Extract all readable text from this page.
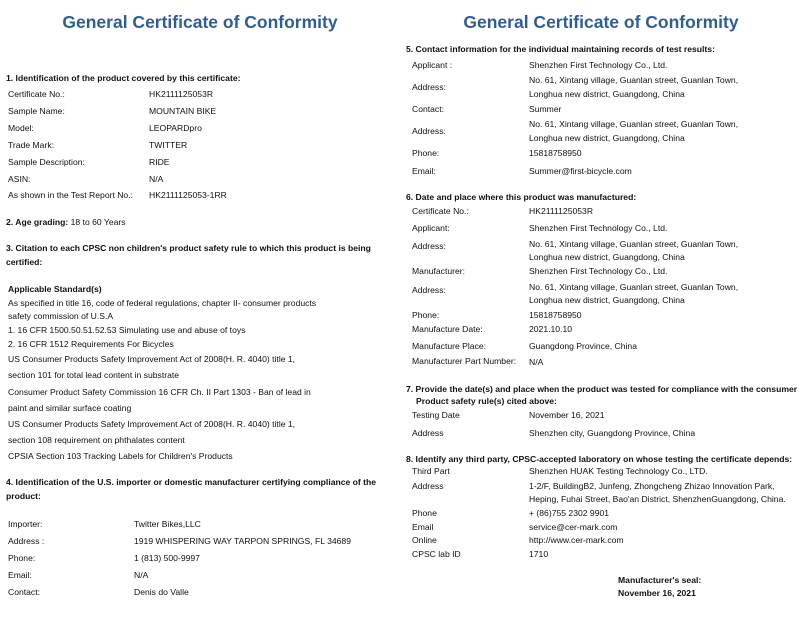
General Certificate of Conformity
1. Identification of the product covered by this certificate:
Certificate No.:	HK2111125053R
Sample Name:	MOUNTAIN BIKE
Model:	LEOPARDpro
Trade Mark:	TWITTER
Sample Description:	RIDE
ASIN:	N/A
As shown in the Test Report No.: HK2111125053-1RR
2. Age grading: 18 to 60 Years
3. Citation to each CPSC non children's product safety rule to which this product is being
certified:
Applicable Standard(s)
As specified in title 16, code of federal regulations, chapter II- consumer products
safety commission of U.S.A
1. 16 CFR 1500.50.51.52.53 Simulating use and abuse of toys
2. 16 CFR 1512 Requirements For Bicycles
US Consumer Products Safety Improvement Act of 2008(H. R. 4040) title 1,
section 101 for total lead content in substrate
Consumer Product Safety Commission 16 CFR Ch. II Part 1303 - Ban of lead in
paint and similar surface coating
US Consumer Products Safety Improvement Act of 2008(H. R. 4040) title 1,
section 108 requirement on phthalates content
CPSIA Section 103 Tracking Labels for Children's Products
4. Identification of the U.S. importer or domestic manufacturer certifying compliance of the
product:
Importer:	Twitter Bikes,LLC
Address :	1919 WHISPERING WAY TARPON SPRINGS, FL 34689
Phone:	1 (813) 500-9997
Email:	N/A
Contact:	Denis do Valle
General Certificate of Conformity
5. Contact information for the individual maintaining records of test results:
Applicant :	Shenzhen First Technology Co., Ltd.
Address:
No. 61, Xintang village, Guanlan street, Guanlan Town,
Longhua new district, Guangdong, China
Contact:	Summer
Address:
No. 61, Xintang village, Guanlan street, Guanlan Town,
Longhua new district, Guangdong, China
Phone:	15818758950
Email:	Summer@first-bicycle.com
6. Date and place where this product was manufactured:
Certificate No.:	HK2111125053R
Applicant:	Shenzhen First Technology Co., Ltd.
Address:	No. 61, Xintang village, Guanlan street, Guanlan Town,
Longhua new district, Guangdong, China
Manufacturer:	Shenzhen First Technology Co., Ltd.
Address:	No. 61, Xintang village, Guanlan street, Guanlan Town,
Longhua new district, Guangdong, China
Phone:	15818758950
Manufacture Date:	2021.10.10
Manufacture Place:	Guangdong Province, China
Manufacturer Part Number: N/A
7. Provide the date(s) and place when the product was tested for compliance with the consumer
Product safety rule(s) cited above:
Testing Date	November 16, 2021
Address	Shenzhen city, Guangdong Province, China
8. Identify any third party, CPSC-accepted laboratory on whose testing the certificate depends:
Third Part	Shenzhen HUAK Testing Technology Co., LTD.
Address	1-2/F, BuildingB2, Junfeng, Zhongcheng Zhizao Innovation Park,
Heping, Fuhai Street, Bao'an District, ShenzhenGuangdong, China.
Phone	+ (86)755 2302 9901
Email	service@cer-mark.com
Online	http://www.cer-mark.com
CPSC lab ID	1710
Manufacturer's seal:
November 16, 2021
